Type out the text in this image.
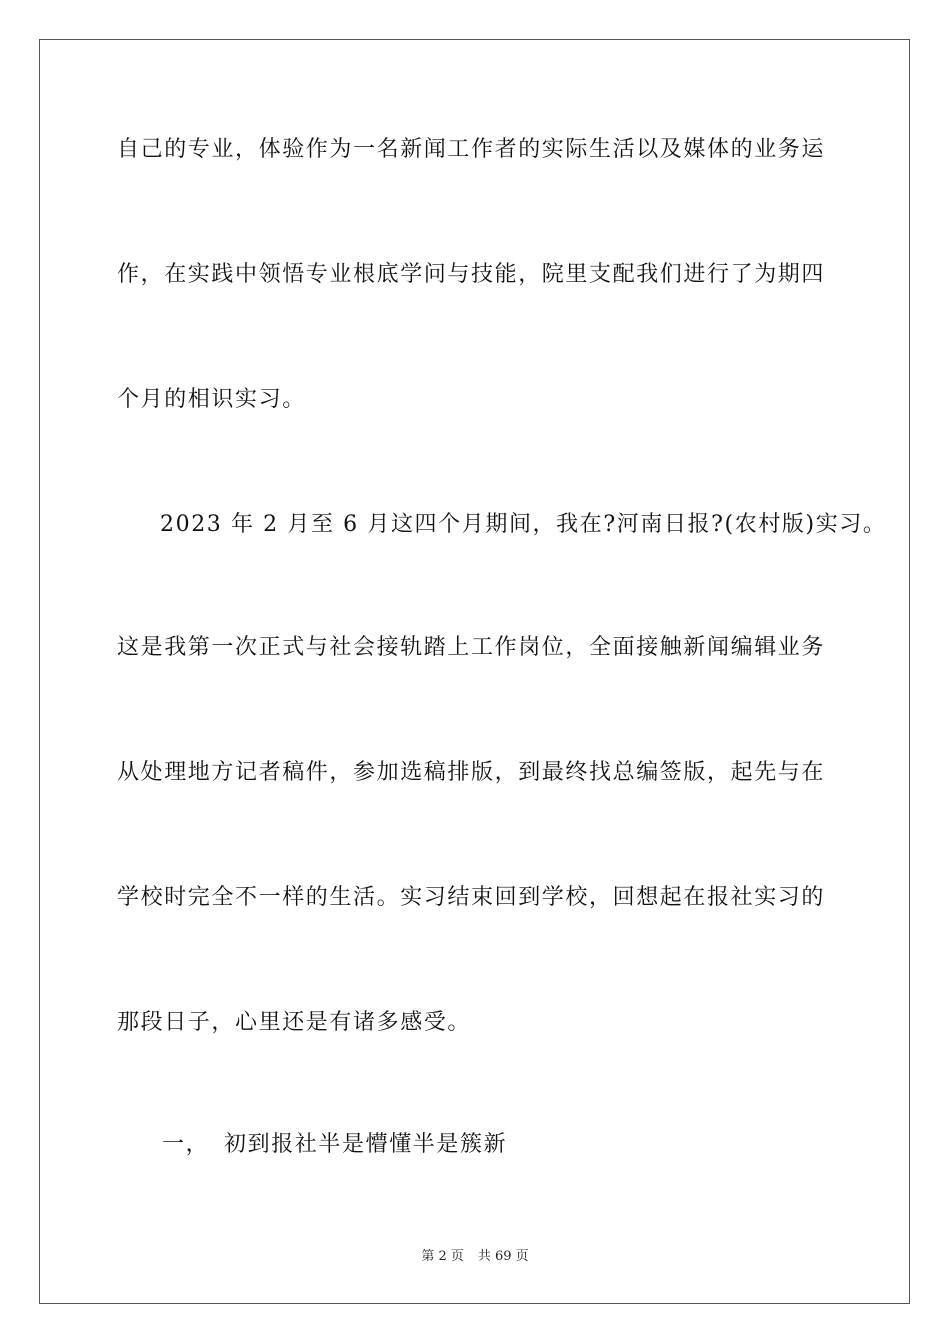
自己的专业，体验作为一名新闻工作者的实际生活以及媒体的业务运
作，在实践中领悟专业根底学问与技能，院里支配我们进行了为期四
个月的相识实习。
2023 年 2 月至 6 月这四个月期间，我在?河南日报?(农村版)实习。
这是我第一次正式与社会接轨踏上工作岗位，全面接触新闻编辑业务
从处理地方记者稿件，参加选稿排版，到最终找总编签版，起先与在
学校时完全不一样的生活。实习结束回到学校，回想起在报社实习的
那段日子，心里还是有诸多感受。
一， 初到报社半是懵懂半是簇新
第 2 页 共 69 页
